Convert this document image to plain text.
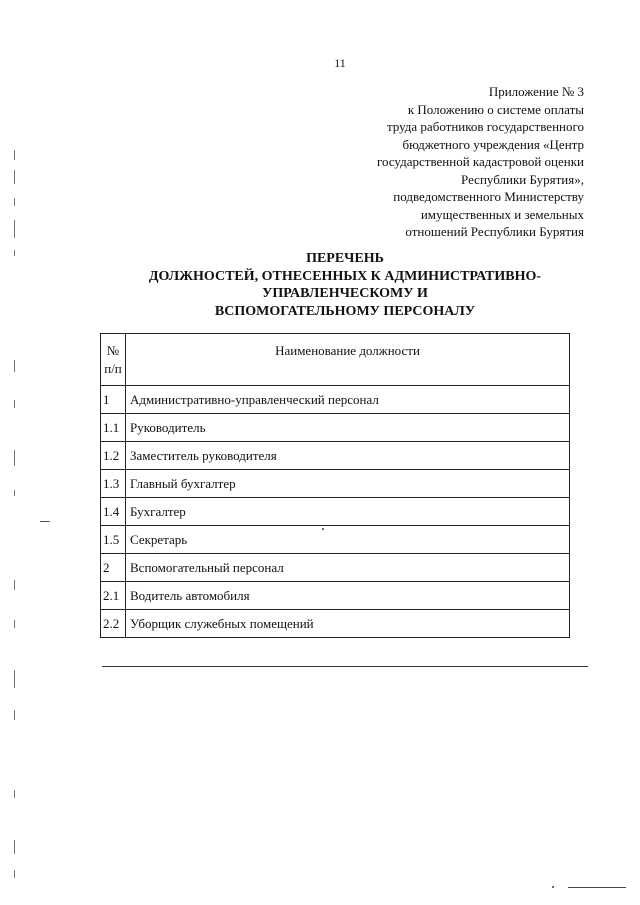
11
Приложение № 3
к Положению о системе оплаты
труда работников государственного
бюджетного учреждения «Центр
государственной кадастровой оценки
Республики Бурятия»,
подведомственного Министерству
имущественных и земельных
отношений Республики Бурятия
ПЕРЕЧЕНЬ
ДОЛЖНОСТЕЙ, ОТНЕСЕННЫХ К АДМИНИСТРАТИВНО-
УПРАВЛЕНЧЕСКОМУ И
ВСПОМОГАТЕЛЬНОМУ ПЕРСОНАЛУ
№
п/п	Наименование должности
1	Административно-управленческий персонал
1.1	Руководитель
1.2	Заместитель руководителя
1.3	Главный бухгалтер
1.4	Бухгалтер
1.5	Секретарь
2	Вспомогательный персонал
2.1	Водитель автомобиля
2.2	Уборщик служебных помещений
